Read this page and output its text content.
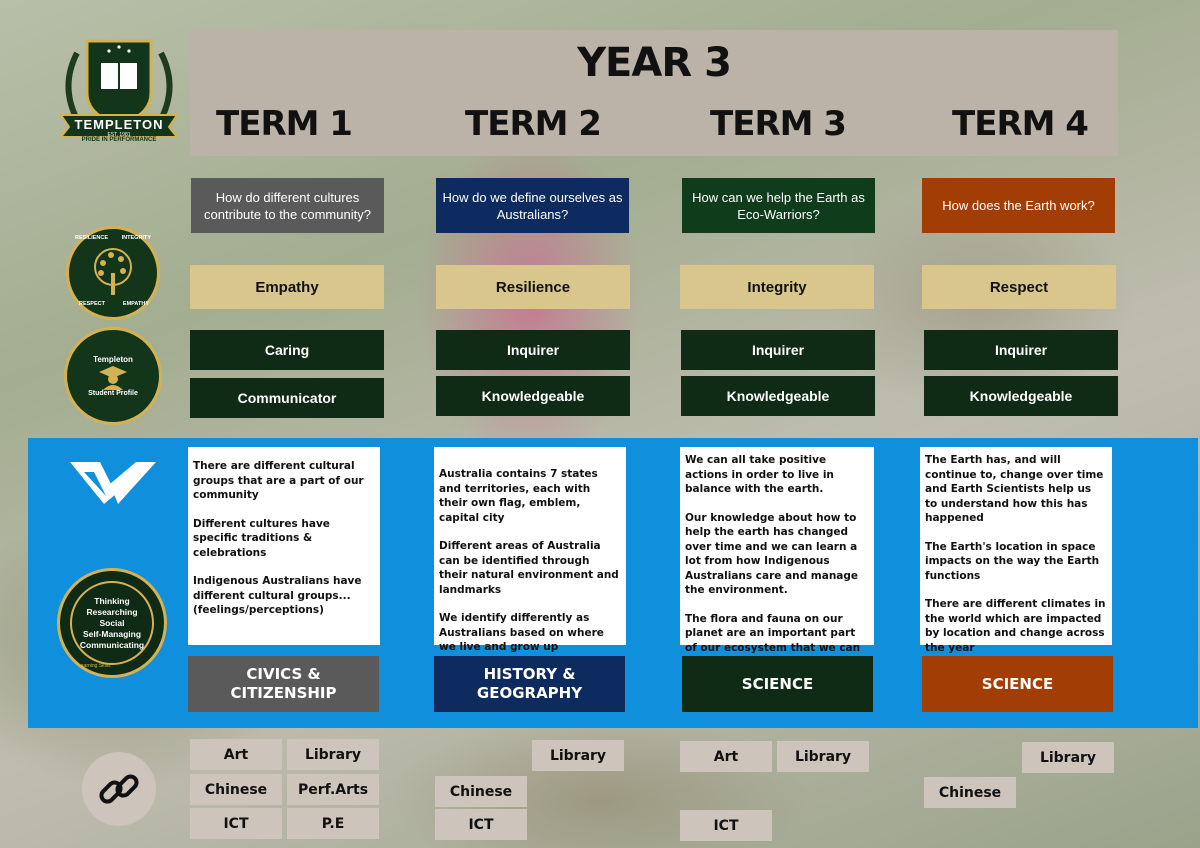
YEAR 3
TERM 1	TERM 2	TERM 3	TERM 4
TEMPLETON
EST. 1981
PRIDE IN PERFORMANCE
How do different cultures contribute to the community?
How do we define ourselves as Australians?
How can we help the Earth as Eco-Warriors?
How does the Earth work?
RESILIENCE INTEGRITY
RESPECT	EMPATHY
Empathy	Resilience	Integrity	Respect
Templeton
Student Profile
Caring
Communicator
Inquirer
Knowledgeable
Inquirer
Knowledgeable
Inquirer
Knowledgeable
Thinking
Researching
Social
Self-Managing
Communicating
Learning Skills

There are different cultural groups that are a part of our community

Different cultures have specific traditions & celebrations

Indigenous Australians have different cultural groups... (feelings/perceptions)

Australia contains 7 states and territories, each with their own flag, emblem, capital city

Different areas of Australia can be identified through their natural environment and landmarks

We identify differently as Australians based on where we live and grow up

We can all take positive actions in order to live in balance with the earth.

Our knowledge about how to help the earth has changed over time and we can learn a lot from how Indigenous Australians care and manage the environment.

The flora and fauna on our planet are an important part of our ecosystem that we can

The Earth has, and will continue to, change over time and Earth Scientists help us to understand how this has happened

The Earth's location in space impacts on the way the Earth functions

There are different climates in the world which are impacted by location and change across the year

CIVICS & CITIZENSHIP
HISTORY & GEOGRAPHY
SCIENCE	SCIENCE
Art	Library
Chinese	Perf.Arts
ICT	P.E
Library
Chinese
ICT
Art	Library
ICT
Library
Chinese
